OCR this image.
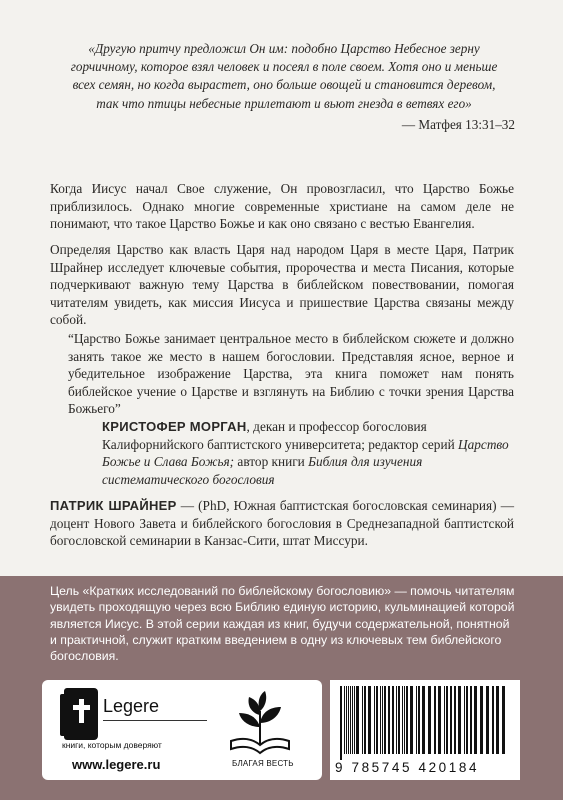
«Другую притчу предложил Он им: подобно Царство Небесное зерну
горчичному, которое взял человек и посеял в поле своем. Хотя оно и меньше
всех семян, но когда вырастет, оно больше овощей и становится деревом,
так что птицы небесные прилетают и вьют гнезда в ветвях его»
— Матфея 13:31–32
Когда Иисус начал Свое служение, Он провозгласил, что Царство Божье приблизилось. Однако многие современные христиане на самом деле не понимают, что такое Царство Божье и как оно связано с вестью Евангелия.
Определяя Царство как власть Царя над народом Царя в месте Царя, Патрик Шрайнер исследует ключевые события, пророчества и места Писания, которые подчеркивают важную тему Царства в библейском повествовании, помогая читателям увидеть, как миссия Иисуса и пришествие Царства связаны между собой.
“Царство Божье занимает центральное место в библейском сюжете и должно занять такое же место в нашем богословии. Представляя ясное, верное и убедительное изображение Царства, эта книга поможет нам понять библейское учение о Царстве и взглянуть на Библию с точки зрения Царства Божьего”
КРИСТОФЕР МОРГАН, декан и профессор богословия Калифорнийского баптистского университета; редактор серий Царство Божье и Слава Божья; автор книги Библия для изучения систематического богословия
ПАТРИК ШРАЙНЕР — (PhD, Южная баптистская богословская семинария) — доцент Нового Завета и библейского богословия в Среднезападной баптистской богословской семинарии в Канзас-Сити, штат Миссури.
Цель «Кратких исследований по библейскому богословию» — помочь читателям
увидеть проходящую через всю Библию единую историю, кульминацией которой
является Иисус. В этой серии каждая из книг, будучи содержательной, понятной
и практичной, служит кратким введением в одну из ключевых тем библейского
богословия.
Legere
книги, которым доверяют
www.legere.ru	БЛАГАЯ ВЕСТЬ	9 785745 420184
